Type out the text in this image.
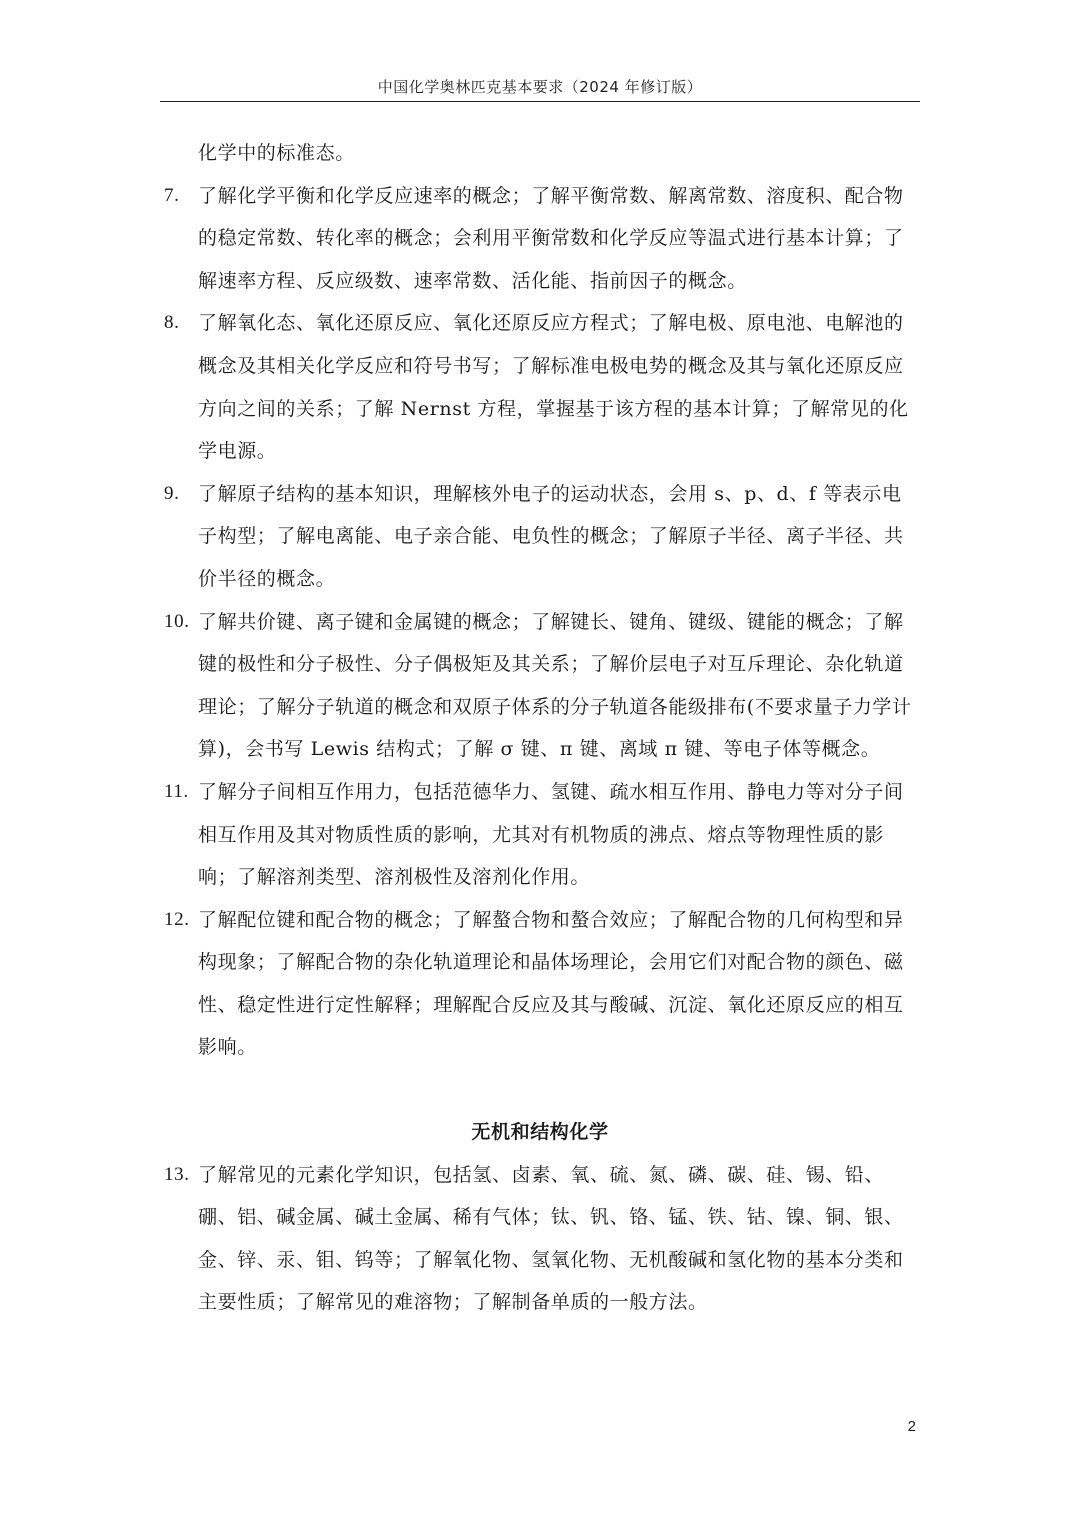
中国化学奥林匹克基本要求（2024 年修订版）

化学中的标准态。

7. 了解化学平衡和化学反应速率的概念；了解平衡常数、解离常数、溶度积、配合物的稳定常数、转化率的概念；会利用平衡常数和化学反应等温式进行基本计算；了解速率方程、反应级数、速率常数、活化能、指前因子的概念。

8. 了解氧化态、氧化还原反应、氧化还原反应方程式；了解电极、原电池、电解池的概念及其相关化学反应和符号书写；了解标准电极电势的概念及其与氧化还原反应方向之间的关系；了解 Nernst 方程，掌握基于该方程的基本计算；了解常见的化学电源。

9. 了解原子结构的基本知识，理解核外电子的运动状态，会用 s、p、d、f 等表示电子构型；了解电离能、电子亲合能、电负性的概念；了解原子半径、离子半径、共价半径的概念。

10. 了解共价键、离子键和金属键的概念；了解键长、键角、键级、键能的概念；了解键的极性和分子极性、分子偶极矩及其关系；了解价层电子对互斥理论、杂化轨道理论；了解分子轨道的概念和双原子体系的分子轨道各能级排布(不要求量子力学计算)，会书写 Lewis 结构式；了解 σ 键、π 键、离域 π 键、等电子体等概念。

11. 了解分子间相互作用力，包括范德华力、氢键、疏水相互作用、静电力等对分子间相互作用及其对物质性质的影响，尤其对有机物质的沸点、熔点等物理性质的影响；了解溶剂类型、溶剂极性及溶剂化作用。

12. 了解配位键和配合物的概念；了解螯合物和螯合效应；了解配合物的几何构型和异构现象；了解配合物的杂化轨道理论和晶体场理论，会用它们对配合物的颜色、磁性、稳定性进行定性解释；理解配合反应及其与酸碱、沉淀、氧化还原反应的相互影响。

无机和结构化学

13. 了解常见的元素化学知识，包括氢、卤素、氧、硫、氮、磷、碳、硅、锡、铅、硼、铝、碱金属、碱土金属、稀有气体；钛、钒、铬、锰、铁、钴、镍、铜、银、金、锌、汞、钼、钨等；了解氧化物、氢氧化物、无机酸碱和氢化物的基本分类和主要性质；了解常见的难溶物；了解制备单质的一般方法。

2
